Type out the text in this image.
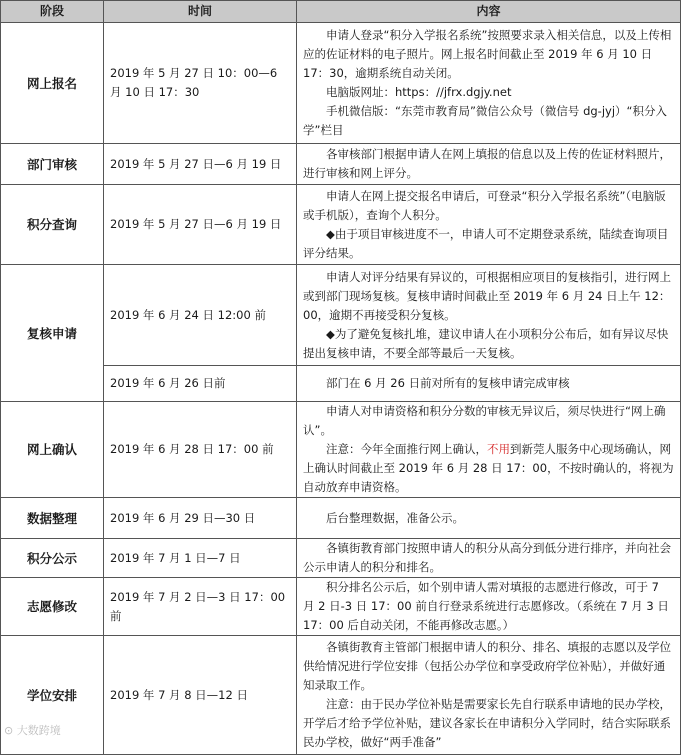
阶段	时间	内容
网上报名	2019 年 5 月 27 日 10：00—6 月 10 日 17：30	申请人登录“积分入学报名系统”按照要求录入相关信息，以及上传相应的佐证材料的电子照片。网上报名时间截止至 2019 年 6 月 10 日 17：30，逾期系统自动关闭。
电脑版网址：https：//jfrx.dgjy.net
手机微信版：“东莞市教育局”微信公众号（微信号 dg-jyj）“积分入学”栏目

部门审核	2019 年 5 月 27 日—6 月 19 日	各审核部门根据申请人在网上填报的信息以及上传的佐证材料照片，进行审核和网上评分。

积分查询	2019 年 5 月 27 日—6 月 19 日	申请人在网上提交报名申请后，可登录“积分入学报名系统”（电脑版或手机版），查询个人积分。
◆由于项目审核进度不一，申请人可不定期登录系统，陆续查询项目评分结果。

复核申请	2019 年 6 月 24 日 12:00 前	申请人对评分结果有异议的，可根据相应项目的复核指引，进行网上或到部门现场复核。复核申请时间截止至 2019 年 6 月 24 日上午 12：00，逾期不再接受积分复核。
◆为了避免复核扎堆，建议申请人在小项积分公布后，如有异议尽快提出复核申请，不要全部等最后一天复核。

	2019 年 6 月 26 日前	部门在 6 月 26 日前对所有的复核申请完成审核

网上确认	2019 年 6 月 28 日 17：00 前	申请人对申请资格和积分分数的审核无异议后，须尽快进行“网上确认”。
注意：今年全面推行网上确认，不用到新莞人服务中心现场确认，网上确认时间截止至 2019 年 6 月 28 日 17：00，不按时确认的，将视为自动放弃申请资格。

数据整理	2019 年 6 月 29 日—30 日	后台整理数据，准备公示。

积分公示	2019 年 7 月 1 日—7 日	各镇街教育部门按照申请人的积分从高分到低分进行排序，并向社会公示申请人的积分和排名。

志愿修改	2019 年 7 月 2 日—3 日 17：00 前	积分排名公示后，如个别申请人需对填报的志愿进行修改，可于 7 月 2 日-3 日 17：00 前自行登录系统进行志愿修改。（系统在 7 月 3 日 17：00 后自动关闭，不能再修改志愿。）

学位安排	2019 年 7 月 8 日—12 日	各镇街教育主管部门根据申请人的积分、排名、填报的志愿以及学位供给情况进行学位安排（包括公办学位和享受政府学位补贴），并做好通知录取工作。
注意：由于民办学位补贴是需要家长先自行联系申请地的民办学校，开学后才给予学位补贴，建议各家长在申请积分入学同时，结合实际联系民办学校，做好“两手准备”
⊙ 大数跨境
